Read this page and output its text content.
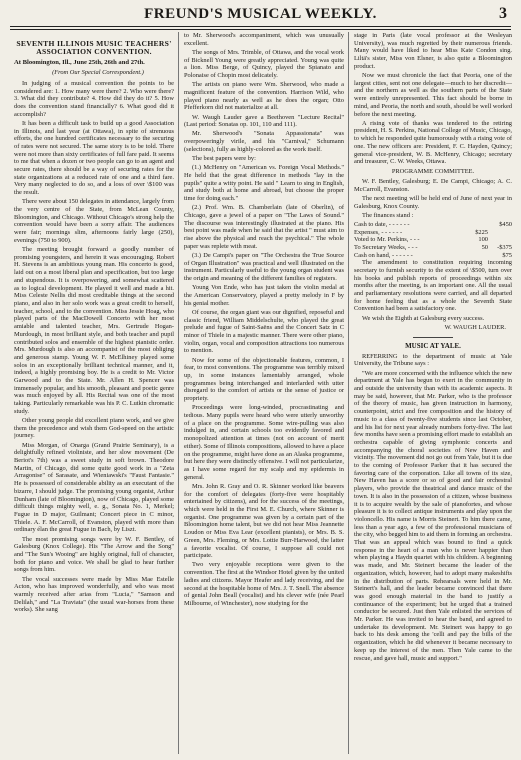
FREUND'S MUSICAL WEEKLY.	3
SEVENTH ILLINOIS MUSIC TEACHERS' ASSOCIATION CONVENTION.

At Bloomington, Ill., June 25th, 26th and 27th.

(From Our Special Correspondent.)

In judging of a musical convention the points to be considered are: 1. How many were there? 2. Who were there? 3. What did they contribute? 4. How did they do it? 5. How does the convention stand financially? 6. What good did it accomplish?

It has been a difficult task to build up a good Association in Illinois, and last year (at Ottawa), in spite of strenuous efforts, the one hundred certificates necessary to the securing of rates were not secured. The same story is to be told. There were not more than sixty certificates of full fare paid. It seems to me that when a dozen or two people can go to an agent and secure rates, there should be a way of securing rates for the state organizations at a reduced rate of one and a third fare. Very many neglected to do so, and a loss of over \$100 was the result.

There were about 150 delegates in attendance, largely from the very centre of the State, from McLean County, Bloomington, and Chicago. Without Chicago's strong help the convention would have been a sorry affair. The audiences were fair; mornings slim, afternoons fairly large (250), evenings (750 to 900).

The meeting brought forward a goodly number of promising youngsters, and herein it was encouraging. Robert H. Stevens is an ambitious young man. His concerto is good, laid out on a most liberal plan and specification, but too large and stupendous. It is overpowering, and somewhat scattered as to logical development. He played it well and made a hit. Miss Celeste Nellis did most creditable things at the second piano, and also in her solo work was a great credit to herself, teacher, school, and to the convention. Miss Jessie Hoag, who played parts of the MacDowell Concerto with her most amiable and talented teacher, Mrs. Gertrude Hogan-Murdough, in most brilliant style, and both teacher and pupil contributed solos and ensemble of the highest pianistic order. Mrs. Murdough is also an accompanist of the most obliging and generous stamp. Young W. F. McElhiney played some solos in an exceptionally brilliant technical manner, and it, indeed, a highly promising boy. He is a credit to Mr. Victor Garwood and to the State. Mr. Allen H. Spencer was immensely popular, and his smooth, pleasant and poetic genre was much enjoyed by all. His Recital was one of the most taking. Particularly remarkable was his P. C. Lutkin chromatic study.

Other young people did excellent piano work, and we give them the precedence and wish them God-speed on the artistic journey.

Miss Morgan, of Onarga (Grand Prairie Seminary), is a delightfully refined violiniste, and her slow movement (De Beriot's 7th) was a sweet study in soft brown. Theodore Martin, of Chicago, did some quite good work in a "Zeta Arragonise" of Sarasate, and Wieniawski's "Faust Fantasie." He is possessed of considerable ability as an executant of the bizarre, I should judge. The promising young organist, Arthur Dunham (late of Bloomington), now of Chicago, played some difficult things mighty well, e. g., Sonata No. 1, Merkel; Fugue in D major, Guilmant; Concert piece in C minor, Thiele. A. F. McCarroll, of Evanston, played with more than ordinary élan the great Fugue in Bach, by Liszt.

The most promising songs were by W. F. Bentley, of Galesburg (Knox College). His "The Arrow and the Song" and "The Sun's Wooing" are highly original, full of character, both for piano and voice. We shall be glad to hear further songs from him.

The vocal successes were made by Miss Mae Estelle Acton, who has improved wonderfully, and who was most warmly received after arias from "Lucia," "Samson and Delilah," and "La Traviata" (the usual war-horses from these works). She sang

to Mr. Sherwood's accompaniment, which was unusually excellent.

The songs of Mrs. Trimble, of Ottawa, and the vocal work of Bicknell Young were greatly appreciated. Young was quite a lion. Miss Berge, of Quincy, played the Spianato and Polonaise of Chopin most delicately.

The artists on piano were Wm. Sherwood, who made a magnificent feature of the convention. Harrison Wild, who played piano nearly as well as he does the organ; Otto Pfefferkorn did not materialize at all.

W. Waugh Lauder gave a Beethoven "Lecture Recital" (Last period: Sonatas op. 101, 110 and 111).

Mr. Sherwood's "Sonata Appassionata" was overpoweringly virile, and his "Carnival," Schumann (selections), fully as highly-colored as the work itself.

The best papers were by:

(1.) McHenry on "American vs. Foreign Vocal Methods." He held that the great difference in methods "lay in the pupils" quite a witty point. He said " Learn to sing in English, and study both at home and abroad, but choose the proper time for doing each."

(2.) Prof. Wm. B. Chamberlain (late of Oberlin), of Chicago, gave a jewel of a paper on "The Laws of Sound." The discourse was interestingly illustrated at the piano. His best point was made when he said that the artist " must aim to rise above the physical and reach the psychical." The whole paper was replete with meat.

(3.) De Campi's paper on "The Orchestra the True Source of Organ Illustration" was practical and well illustrated on the instrument. Particularly useful to the young organ student was the origin and meaning of the different families of registers.

Young Von Ende, who has just taken the violin medal at the American Conservatory, played a pretty melody in F by his genial mother.

Of course, the organ giant was our dignified, reposeful and classic friend, William Middelschulte, who played the great prelude and fugue of Saint-Saëns and the Concert Satz in C minor of Thiele in a majestic manner. There were other piano, violin, organ, vocal and composition attractions too numerous to mention.

Now for some of the objectionable features, common, I fear, to most conventions. The programme was terribly mixed up, in some instances lamentably arranged, whole programmes being interchanged and interlarded with utter disregard to the comfort of artists or the sense of justice or propriety.

Proceedings were long-winded, procrastinating and tedious. Many pupils were heard who were utterly unworthy of a place on the programme. Some wire-pulling was also indulged in, and certain schools too evidently favored and monopolized attention at times (not on account of merit either). Some of Illinois compositions, allowed to have a place on the programme, might have done as an Alaska programme, but here they were distinctly offensive. I will not particularize, as I have some regard for my scalp and my epidermis in general.

Mrs. John R. Gray and O. R. Skinner worked like beavers for the comfort of delegates (forty-five were hospitably entertained by citizens), and for the success of the meetings, which were held in the First M. E. Church, where Skinner is organist. One programme was given by a certain part of the Bloomington home talent, but we did not hear Miss Jeannette Loudon or Miss Eva Lear (excellent pianists), or Mrs. B. S. Green, Mrs. Fleming, or Mrs. Lottie Burr-Harwood, the latter a favorite vocalist. Of course, I suppose all could not participate.

Two very enjoyable receptions were given to the convention. The first at the Windsor Hotel given by the united ladies and citizens. Mayor Heafer and lady receiving, and the second at the hospitable home of Mrs. J. T. Snell. The absence of genial John Beall (vocalist) and his clever wife (née Pearl Milbourne, of Winchester), now studying for the

stage in Paris (late vocal professor at the Wesleyan University), was much regretted by their numerous friends. Many would have liked to hear Miss Kate Condon sing. Liltä's sister, Miss von Elsner, is also quite a Bloomington product.

Now we must chronicle the fact that Peoria, one of the largest cities, sent not one delegate—much to her discredit—and the northern as well as the southern parts of the State were entirely unrepresented. This fact should be borne in mind, and Peoria, the north and south, should be well worked before the next meeting.

A rising vote of thanks was tendered to the retiring president, H. S. Perkins, National College of Music, Chicago, to which he responded quite humorously with a rising vote of one. The new officers are: President, F. C. Hayden, Quincy; general vice-president, W. B. McHenry, Chicago; secretary and treasurer, C. W. Weeks, Ottawa.

PROGRAMME COMMITTEE.

W. F. Bentley, Galesburg; E. De Campi, Chicago; A. C. McCarroll, Evanston.

The next meeting will be held end of June of next year in Galesburg, Knox County.

The finances stand :

Cash to date, - - - - - -	$450
Expenses, - - - - - -	$225
Voted to Mr. Perkins, - - -	100
To Secretary Weeks, - - -	50	-$375
Cash on hand, - - - - - -	$75

The amendment to constitution requiring incoming secretary to furnish security to the extent of \$500, turn over his books and publish reports of proceedings within six months after the meeting, is an important one. All the usual and parliamentary resolutions were carried, and all departed for home feeling that as a whole the Seventh State Convention had been a satisfactory one.

We wish the Eighth at Galesburg every success.

W. WAUGH LAUDER.

MUSIC AT YALE.

REFERRING to the department of music at Yale University, the Tribune says :

"We are more concerned with the influence which the new department at Yale has begun to exert in the community in and outside the university than with its academic aspects. It may be said, however, that Mr. Parker, who is the professor of the theory of music, has given instruction in harmony, counterpoint, strict and free composition and the history of music to a class of twenty-five students since last October, and his list for next year already numbers forty-five. The last few months have seen a promising effort made to establish an orchestra capable of giving symphonic concerts and accompanying the choral societies of New Haven and vicinity. The movement did not go out from Yale, but it is due to the coming of Professor Parker that it has secured the favoring care of the corporation. Like all towns of its size, New Haven has a score or so of good and fair orchestral players, who provide the theatrical and dance music of the town. It is also in the possession of a citizen, whose business it is to acquire wealth by the sale of pianofortes, and whose pleasure it is to collect antique instruments and play upon the violoncello. His name is Morris Steinert. To him there came, less than a year ago, a few of the professional musicians of the city, who begged him to aid them in forming an orchestra. That was an appeal which was bound to find a quick response in the heart of a man who is never happier than when playing a Haydn quartet with his children. A beginning was made, and Mr. Steinert became the leader of the organization, which, however, had to adopt many makeshifts in the distribution of parts. Rehearsals were held in Mr. Steinert's hall, and the leader became convinced that there was good enough material in the band to justify a continuance of the experiment; but he urged that a trained conductor be secured. Just then Yale enlisted the services of Mr. Parker. He was invited to hear the band, and agreed to undertake its development. Mr. Steinert was happy to go back to his desk among the 'celli and pay the bills of the organization, which he did whenever it became necessary to keep up the interest of the men. Then Yale came to the rescue, and gave hall, music and support."
